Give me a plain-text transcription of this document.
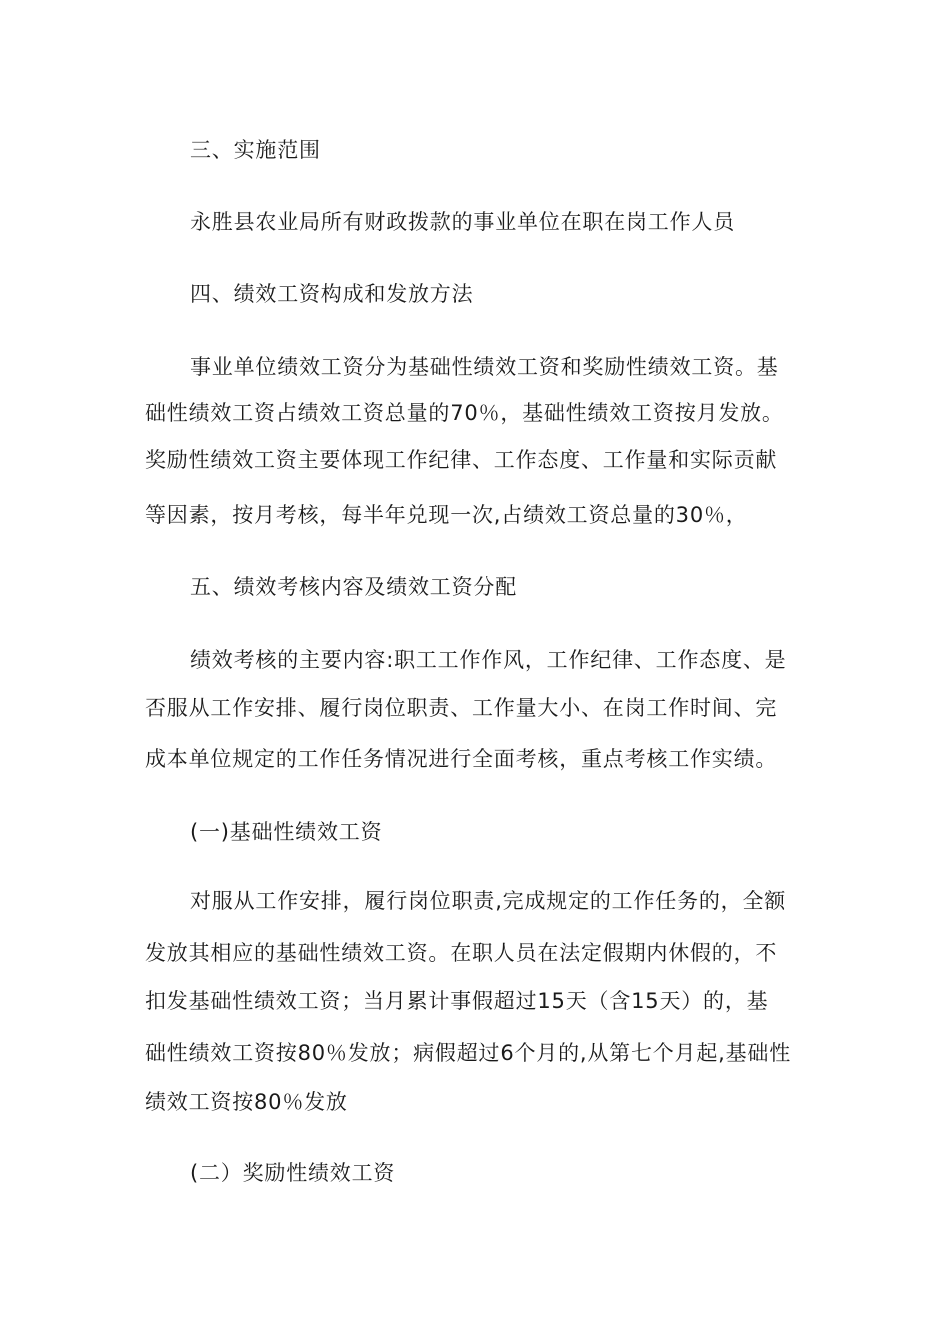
三、实施范围
永胜县农业局所有财政拨款的事业单位在职在岗工作人员
四、绩效工资构成和发放方法
事业单位绩效工资分为基础性绩效工资和奖励性绩效工资。基
础性绩效工资占绩效工资总量的70％，基础性绩效工资按月发放。
奖励性绩效工资主要体现工作纪律、工作态度、工作量和实际贡献
等因素，按月考核，每半年兑现一次,占绩效工资总量的30％，
五、绩效考核内容及绩效工资分配
绩效考核的主要内容:职工工作作风，工作纪律、工作态度、是
否服从工作安排、履行岗位职责、工作量大小、在岗工作时间、完
成本单位规定的工作任务情况进行全面考核，重点考核工作实绩。
(一)基础性绩效工资
对服从工作安排，履行岗位职责,完成规定的工作任务的，全额
发放其相应的基础性绩效工资。在职人员在法定假期内休假的，不
扣发基础性绩效工资；当月累计事假超过15天（含15天）的，基
础性绩效工资按80％发放；病假超过6个月的,从第七个月起,基础性
绩效工资按80％发放
(二）奖励性绩效工资
